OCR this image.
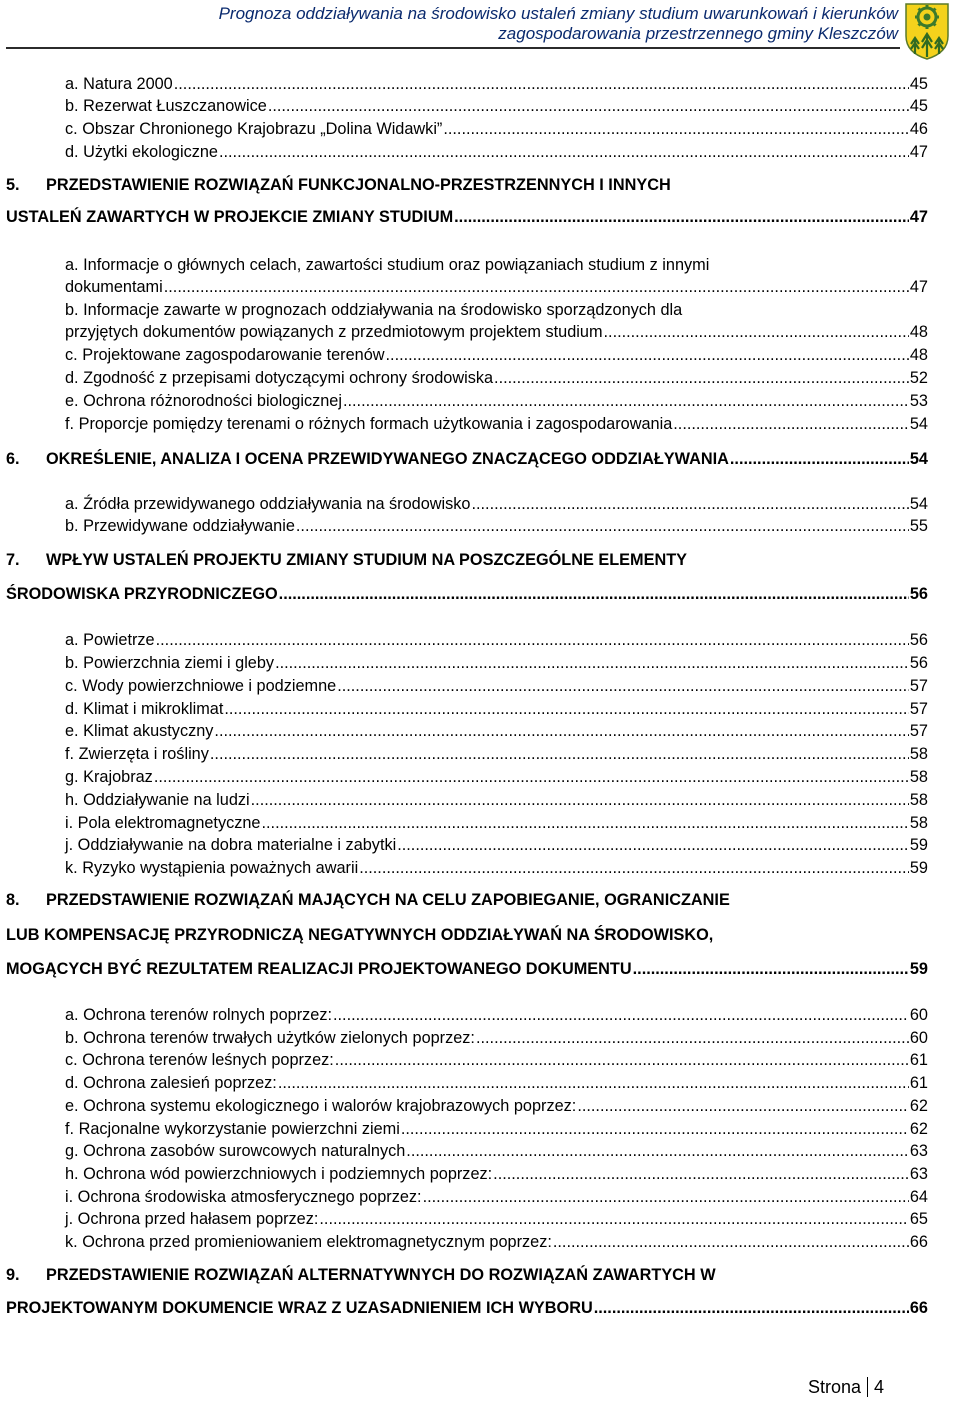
Prognoza oddziaływania na środowisko ustaleń zmiany studium uwarunkowań i kierunków
zagospodarowania przestrzennego gminy Kleszczów
a. Natura 2000 .....	45
b. Rezerwat Łuszczanowice .....	45
c. Obszar Chronionego Krajobrazu „Dolina Widawki” .....	46
d. Użytki ekologiczne .....	47
5.	PRZEDSTAWIENIE ROZWIĄZAŃ FUNKCJONALNO-PRZESTRZENNYCH I INNYCH
USTALEŃ ZAWARTYCH W PROJEKCIE ZMIANY STUDIUM .....	47
a. Informacje o głównych celach, zawartości studium oraz powiązaniach studium z innymi
dokumentami .....	47
b. Informacje zawarte w prognozach oddziaływania na środowisko sporządzonych dla
przyjętych dokumentów powiązanych z przedmiotowym projektem studium .....	48
c. Projektowane zagospodarowanie terenów .....	48
d. Zgodność z przepisami dotyczącymi ochrony środowiska .....	52
e. Ochrona różnorodności biologicznej .....	53
f. Proporcje pomiędzy terenami o różnych formach użytkowania i zagospodarowania .....	54
6.	OKREŚLENIE, ANALIZA I OCENA PRZEWIDYWANEGO ZNACZĄCEGO ODDZIAŁYWANIA .....	54
a. Źródła przewidywanego oddziaływania na środowisko .....	54
b. Przewidywane oddziaływanie .....	55
7.	WPŁYW USTALEŃ PROJEKTU ZMIANY STUDIUM NA POSZCZEGÓLNE ELEMENTY
ŚRODOWISKA PRZYRODNICZEGO .....	56
a. Powietrze .....	56
b. Powierzchnia ziemi i gleby .....	56
c. Wody powierzchniowe i podziemne .....	57
d. Klimat i mikroklimat .....	57
e. Klimat akustyczny .....	57
f. Zwierzęta i rośliny .....	58
g. Krajobraz .....	58
h. Oddziaływanie na ludzi .....	58
i. Pola elektromagnetyczne .....	58
j. Oddziaływanie na dobra materialne i zabytki .....	59
k. Ryzyko wystąpienia poważnych awarii .....	59
8.	PRZEDSTAWIENIE ROZWIĄZAŃ MAJĄCYCH NA CELU ZAPOBIEGANIE, OGRANICZANIE
LUB KOMPENSACJĘ PRZYRODNICZĄ NEGATYWNYCH ODDZIAŁYWAŃ NA ŚRODOWISKO,
MOGĄCYCH BYĆ REZULTATEM REALIZACJI PROJEKTOWANEGO DOKUMENTU .....	59
a. Ochrona terenów rolnych poprzez: .....	60
b. Ochrona terenów trwałych użytków zielonych poprzez: .....	60
c. Ochrona terenów leśnych poprzez: .....	61
d. Ochrona zalesień poprzez: .....	61
e. Ochrona systemu ekologicznego i walorów krajobrazowych poprzez: .....	62
f. Racjonalne wykorzystanie powierzchni ziemi .....	62
g. Ochrona zasobów surowcowych naturalnych .....	63
h. Ochrona wód powierzchniowych i podziemnych poprzez: .....	63
i. Ochrona środowiska atmosferycznego poprzez: .....	64
j. Ochrona przed hałasem poprzez: .....	65
k. Ochrona przed promieniowaniem elektromagnetycznym poprzez: .....	66
9.	PRZEDSTAWIENIE ROZWIĄZAŃ ALTERNATYWNYCH DO ROZWIĄZAŃ ZAWARTYCH W
PROJEKTOWANYM DOKUMENCIE WRAZ Z UZASADNIENIEM ICH WYBORU .....	66
Strona 4
